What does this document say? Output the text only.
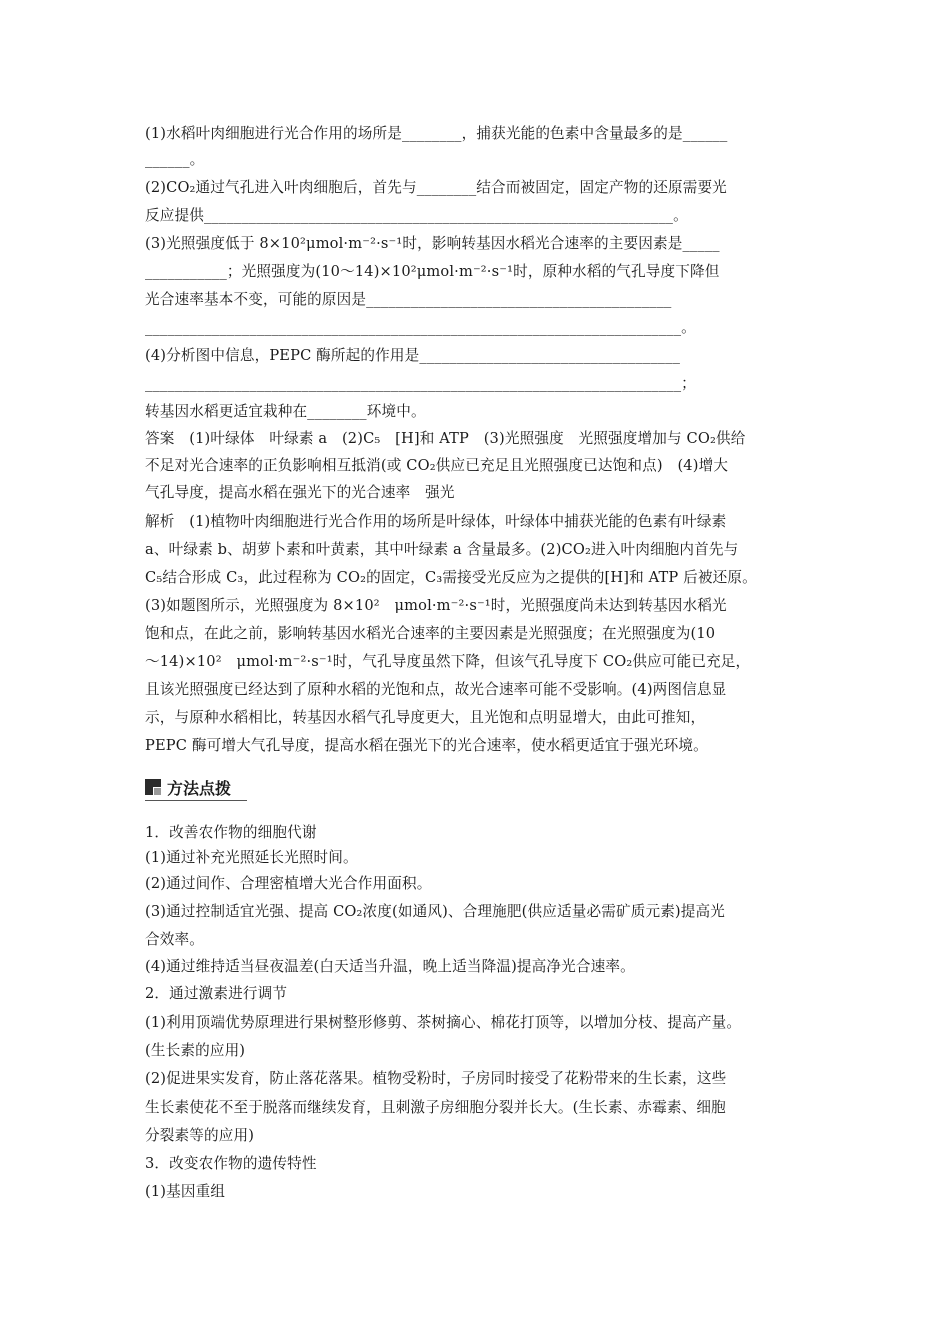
(1)水稻叶肉细胞进行光合作用的场所是________，捕获光能的色素中含量最多的是______
______。
(2)CO₂通过气孔进入叶肉细胞后，首先与________结合而被固定，固定产物的还原需要光
反应提供_______________________________________________________________。
(3)光照强度低于 8×10²μmol·m⁻²·s⁻¹时，影响转基因水稻光合速率的主要因素是_____
___________；光照强度为(10～14)×10²μmol·m⁻²·s⁻¹时，原种水稻的气孔导度下降但
光合速率基本不变，可能的原因是_________________________________________
________________________________________________________________________。
(4)分析图中信息，PEPC 酶所起的作用是___________________________________
________________________________________________________________________；
转基因水稻更适宜栽种在________环境中。
答案　(1)叶绿体　叶绿素 a　(2)C₅　[H]和 ATP　(3)光照强度　光照强度增加与 CO₂供给
不足对光合速率的正负影响相互抵消(或 CO₂供应已充足且光照强度已达饱和点)　(4)增大
气孔导度，提高水稻在强光下的光合速率　强光
解析　(1)植物叶肉细胞进行光合作用的场所是叶绿体，叶绿体中捕获光能的色素有叶绿素
a、叶绿素 b、胡萝卜素和叶黄素，其中叶绿素 a 含量最多。(2)CO₂进入叶肉细胞内首先与
C₅结合形成 C₃，此过程称为 CO₂的固定，C₃需接受光反应为之提供的[H]和 ATP 后被还原。
(3)如题图所示，光照强度为 8×10²　μmol·m⁻²·s⁻¹时，光照强度尚未达到转基因水稻光
饱和点，在此之前，影响转基因水稻光合速率的主要因素是光照强度；在光照强度为(10
～14)×10²　μmol·m⁻²·s⁻¹时，气孔导度虽然下降，但该气孔导度下 CO₂供应可能已充足，
且该光照强度已经达到了原种水稻的光饱和点，故光合速率可能不受影响。(4)两图信息显
示，与原种水稻相比，转基因水稻气孔导度更大，且光饱和点明显增大，由此可推知，
PEPC 酶可增大气孔导度，提高水稻在强光下的光合速率，使水稻更适宜于强光环境。
方法点拨
1．改善农作物的细胞代谢
(1)通过补充光照延长光照时间。
(2)通过间作、合理密植增大光合作用面积。
(3)通过控制适宜光强、提高 CO₂浓度(如通风)、合理施肥(供应适量必需矿质元素)提高光
合效率。
(4)通过维持适当昼夜温差(白天适当升温，晚上适当降温)提高净光合速率。
2．通过激素进行调节
(1)利用顶端优势原理进行果树整形修剪、茶树摘心、棉花打顶等，以增加分枝、提高产量。
(生长素的应用)
(2)促进果实发育，防止落花落果。植物受粉时，子房同时接受了花粉带来的生长素，这些
生长素使花不至于脱落而继续发育，且刺激子房细胞分裂并长大。(生长素、赤霉素、细胞
分裂素等的应用)
3．改变农作物的遗传特性
(1)基因重组
